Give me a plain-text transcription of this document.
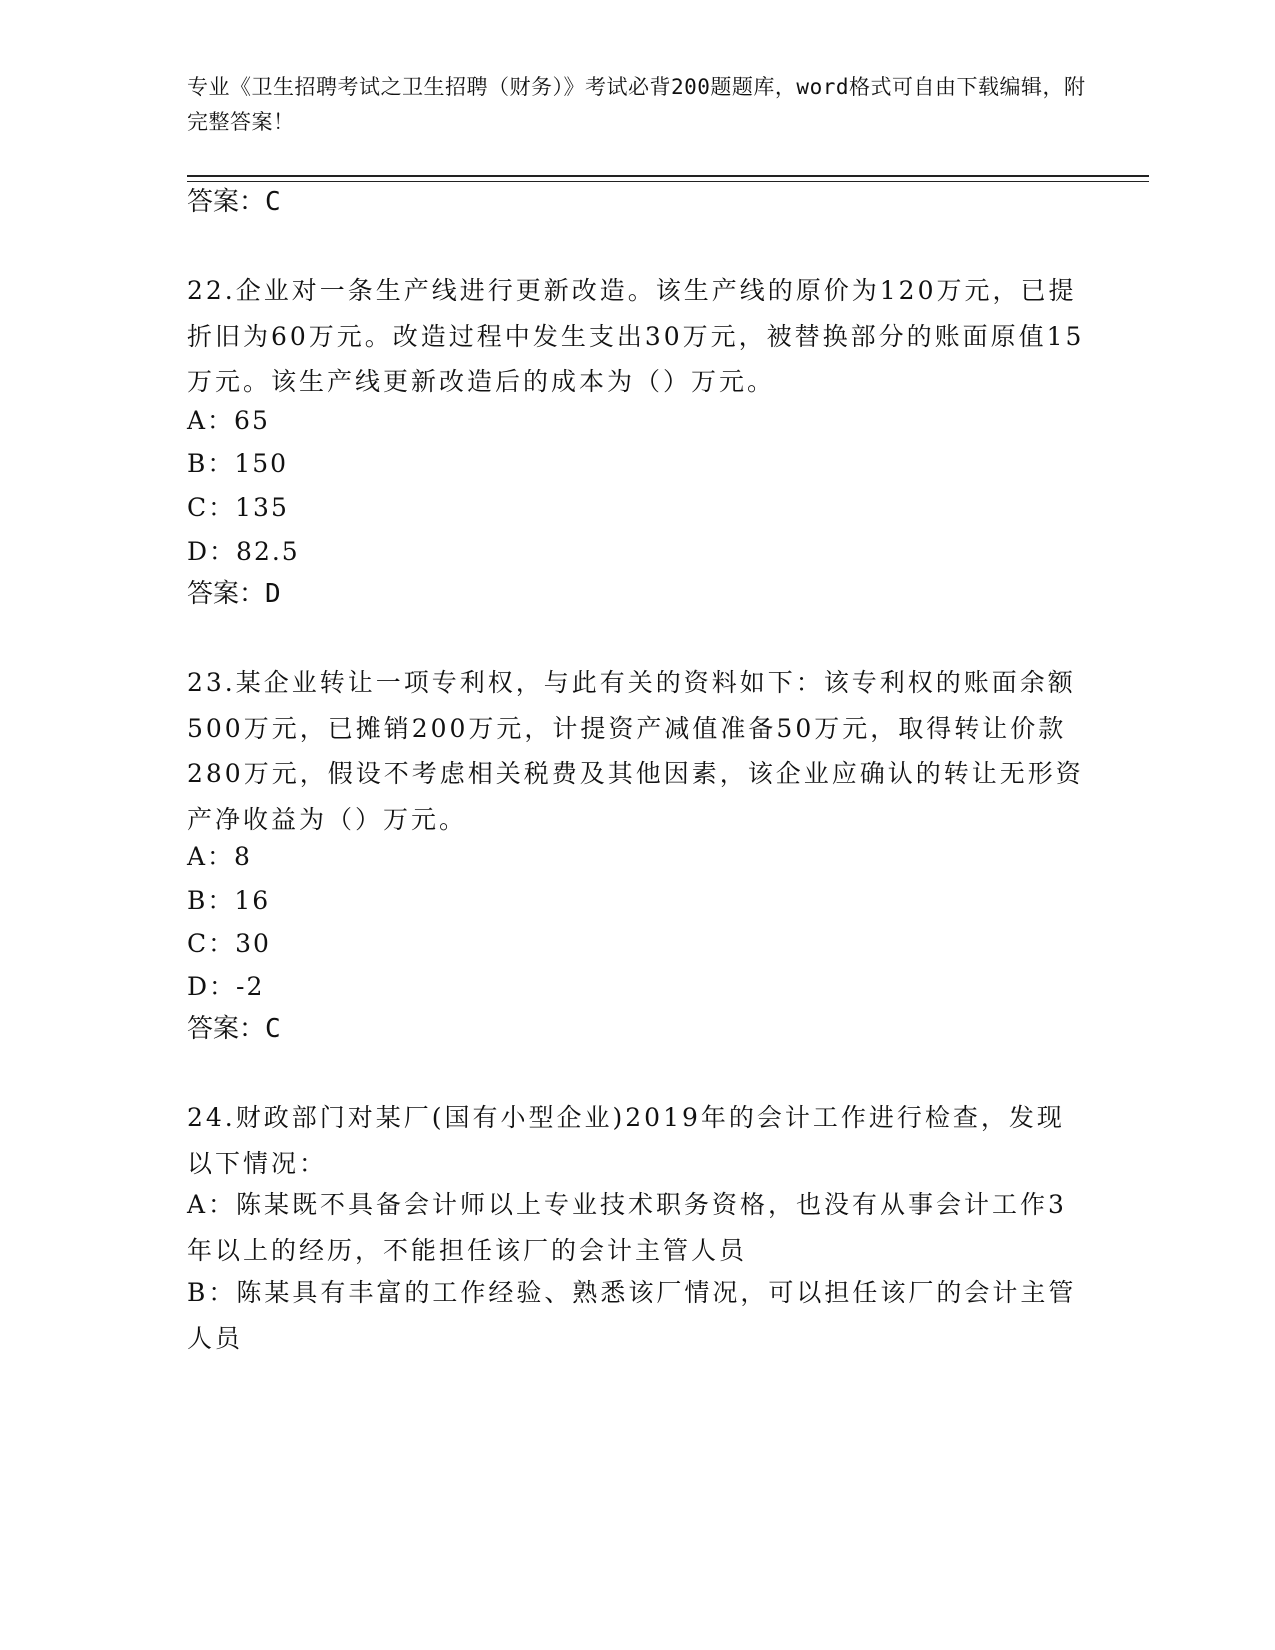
专业《卫生招聘考试之卫生招聘（财务）》考试必背200题题库，word格式可自由下载编辑，附完整答案！
答案：C
22.企业对一条生产线进行更新改造。该生产线的原价为120万元，已提折旧为60万元。改造过程中发生支出30万元，被替换部分的账面原值15万元。该生产线更新改造后的成本为（）万元。
A：65
B：150
C：135
D：82.5
答案：D
23.某企业转让一项专利权，与此有关的资料如下：该专利权的账面余额500万元，已摊销200万元，计提资产减值准备50万元，取得转让价款280万元，假设不考虑相关税费及其他因素，该企业应确认的转让无形资产净收益为（）万元。
A：8
B：16
C：30
D：-2
答案：C
24.财政部门对某厂(国有小型企业)2019年的会计工作进行检查，发现以下情况：
A：陈某既不具备会计师以上专业技术职务资格，也没有从事会计工作3年以上的经历，不能担任该厂的会计主管人员
B：陈某具有丰富的工作经验、熟悉该厂情况，可以担任该厂的会计主管人员
